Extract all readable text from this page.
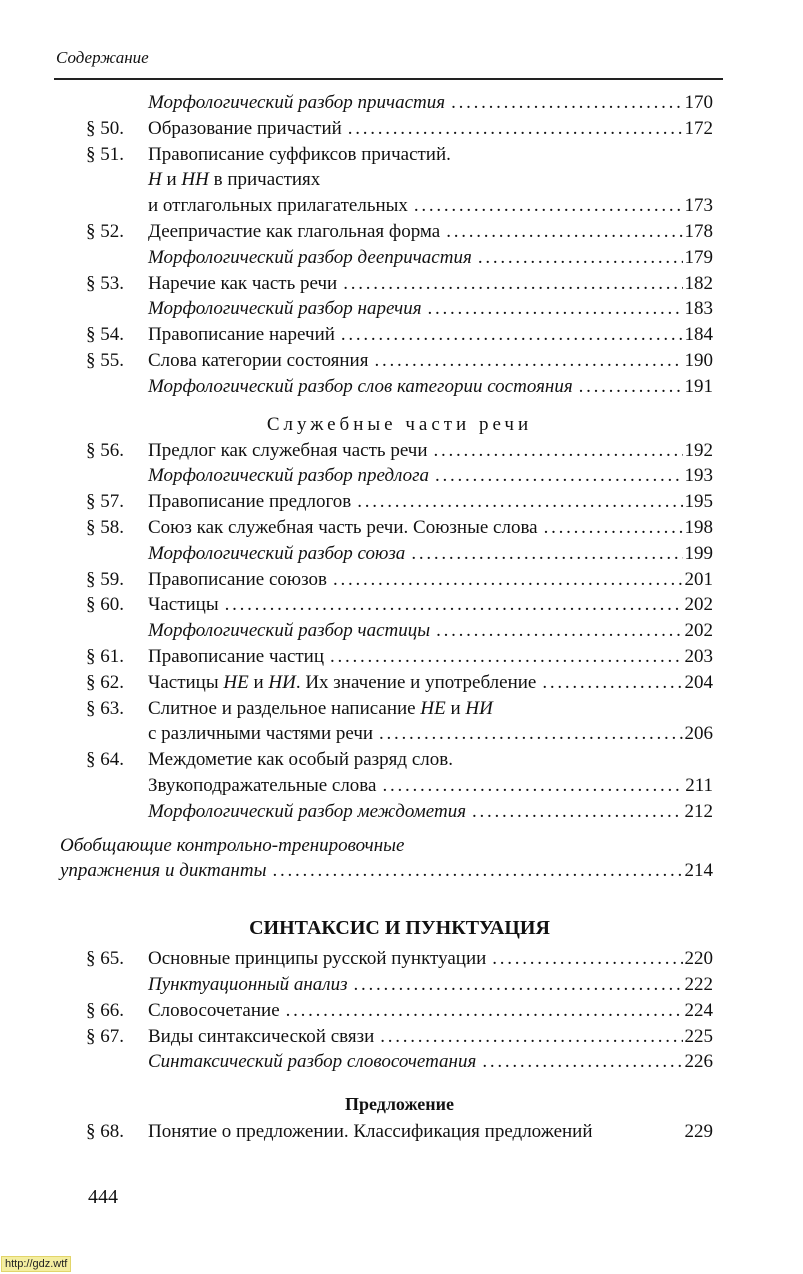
Содержание
Морфологический разбор причастия . . .	170
§ 50.	Образование причастий . . .	172
§ 51.	Правописание суффиксов причастий.
Н и НН в причастиях
и отглагольных прилагательных . . .	173
§ 52.	Деепричастие как глагольная форма . . .	178
Морфологический разбор деепричастия . . .	179
§ 53.	Наречие как часть речи . . .	182
Морфологический разбор наречия . . .	183
§ 54.	Правописание наречий . . .	184
§ 55.	Слова категории состояния . . .	190
Морфологический разбор слов категории состояния . . .	191
Служебные части речи
§ 56.	Предлог как служебная часть речи . . .	192
Морфологический разбор предлога . . .	193
§ 57.	Правописание предлогов . . .	195
§ 58.	Союз как служебная часть речи. Союзные слова . . .	198
Морфологический разбор союза . . .	199
§ 59.	Правописание союзов . . .	201
§ 60.	Частицы . . .	202
Морфологический разбор частицы . . .	202
§ 61.	Правописание частиц . . .	203
§ 62.	Частицы НЕ и НИ. Их значение и употребление . . .	204
§ 63.	Слитное и раздельное написание НЕ и НИ
с различными частями речи . . .	206
§ 64.	Междометие как особый разряд слов.
Звукоподражательные слова . . .	211
Морфологический разбор междометия . . .	212
Обобщающие контрольно-тренировочные
упражнения и диктанты . . .	214
СИНТАКСИС И ПУНКТУАЦИЯ
§ 65.	Основные принципы русской пунктуации . . .	220
Пунктуационный анализ . . .	222
§ 66.	Словосочетание . . .	224
§ 67.	Виды синтаксической связи . . .	225
Синтаксический разбор словосочетания . . .	226
Предложение
§ 68.	Понятие о предложении. Классификация предложений	229
444
http://gdz.wtf
